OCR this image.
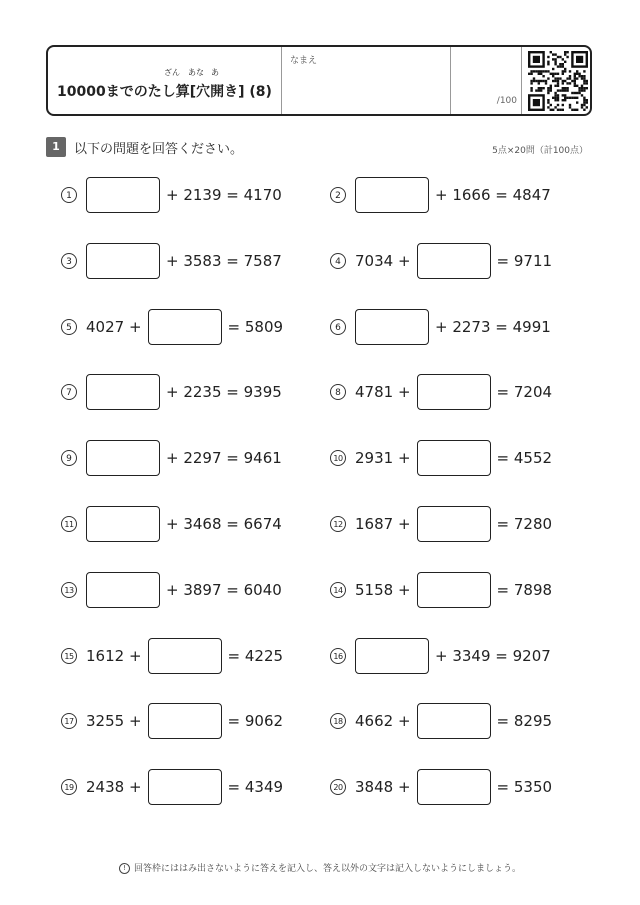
ざん あな あ
10000までのたし算[穴開き] (8)
なまえ
/100
1	以下の問題を回答ください。	5点×20問（計100点）
1	+ 2139 = 4170	2	+ 1666 = 4847
3	+ 3583 = 7587	4 7034 +	= 9711
5 4027 +	= 5809	6	+ 2273 = 4991
7	+ 2235 = 9395	8 4781 +	= 7204
9	+ 2297 = 9461	10 2931 +	= 4552
11	+ 3468 = 6674	12 1687 +	= 7280
13	+ 3897 = 6040	14 5158 +	= 7898
15 1612 +	= 4225	16	+ 3349 = 9207
17 3255 +	= 9062	18 4662 +	= 8295
19 2438 +	= 4349	20 3848 +	= 5350
! 回答枠にははみ出さないように答えを記入し、答え以外の文字は記入しないようにしましょう。
